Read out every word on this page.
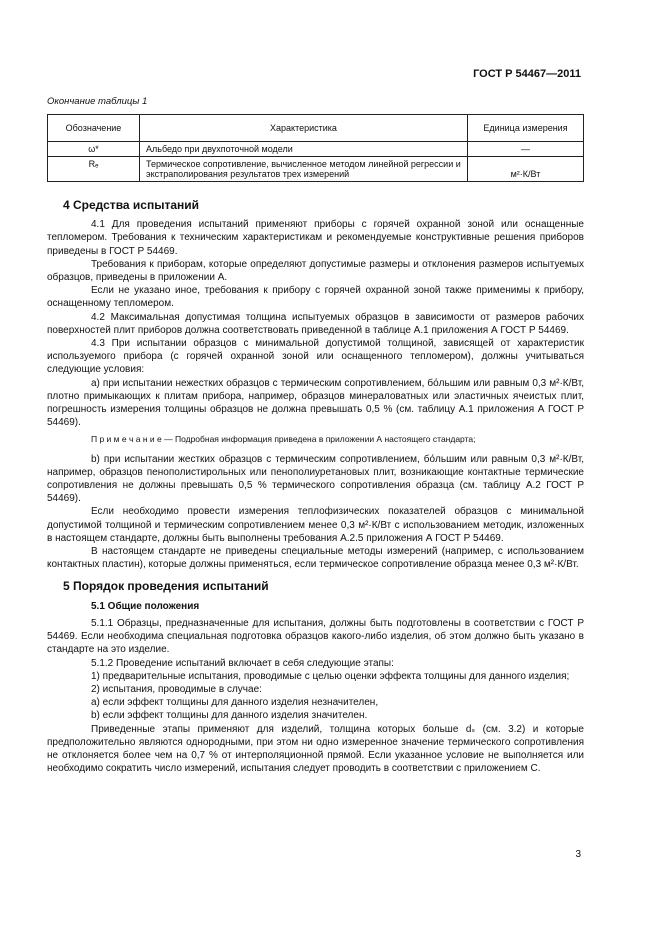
ГОСТ Р 54467—2011
Окончание таблицы 1
Обозначение	Характеристика	Единица измерения
ω*	Альбедо при двухпоточной модели	—
Rₑ	Термическое сопротивление, вычисленное методом линейной регрессии и экстраполирования результатов трех измерений	м²·К/Вт

4 Средства испытаний

4.1 Для проведения испытаний применяют приборы с горячей охранной зоной или оснащенные тепломером. Требования к техническим характеристикам и рекомендуемые конструктивные решения приборов приведены в ГОСТ Р 54469.

Требования к приборам, которые определяют допустимые размеры и отклонения размеров испытуемых образцов, приведены в приложении А.

Если не указано иное, требования к прибору с горячей охранной зоной также применимы к прибору, оснащенному тепломером.

4.2 Максимальная допустимая толщина испытуемых образцов в зависимости от размеров рабочих поверхностей плит приборов должна соответствовать приведенной в таблице А.1 приложения А ГОСТ Р 54469.

4.3 При испытании образцов с минимальной допустимой толщиной, зависящей от характеристик используемого прибора (с горячей охранной зоной или оснащенного тепломером), должны учитываться следующие условия:

а) при испытании нежестких образцов с термическим сопротивлением, бо́льшим или равным 0,3 м²·К/Вт, плотно примыкающих к плитам прибора, например, образцов минераловатных или эластичных ячеистых плит, погрешность измерения толщины образцов не должна превышать 0,5 % (см. таблицу А.1 приложения А ГОСТ Р 54469).

П р и м е ч а н и е — Подробная информация приведена в приложении А настоящего стандарта;

b) при испытании жестких образцов с термическим сопротивлением, бо́льшим или равным 0,3 м²·К/Вт, например, образцов пенополистирольных или пенополиуретановых плит, возникающие контактные термические сопротивления не должны превышать 0,5 % термического сопротивления образца (см. таблицу А.2 ГОСТ Р 54469).

Если необходимо провести измерения теплофизических показателей образцов с минимальной допустимой толщиной и термическим сопротивлением менее 0,3 м²·К/Вт с использованием методик, изложенных в настоящем стандарте, должны быть выполнены требования А.2.5 приложения А ГОСТ Р 54469.

В настоящем стандарте не приведены специальные методы измерений (например, с использованием контактных пластин), которые должны применяться, если термическое сопротивление образца менее 0,3 м²·К/Вт.

5 Порядок проведения испытаний

5.1 Общие положения

5.1.1 Образцы, предназначенные для испытания, должны быть подготовлены в соответствии с ГОСТ Р 54469. Если необходима специальная подготовка образцов какого-либо изделия, об этом должно быть указано в стандарте на это изделие.

5.1.2 Проведение испытаний включает в себя следующие этапы:

1) предварительные испытания, проводимые с целью оценки эффекта толщины для данного изделия;

2) испытания, проводимые в случае:

а) если эффект толщины для данного изделия незначителен,

b) если эффект толщины для данного изделия значителен.

Приведенные этапы применяют для изделий, толщина которых больше dₛ (см. 3.2) и которые предположительно являются однородными, при этом ни одно измеренное значение термического сопротивления не отклоняется более чем на 0,7 % от интерполяционной прямой. Если указанное условие не выполняется или необходимо сократить число измерений, испытания следует проводить в соответствии с приложением С.

3
